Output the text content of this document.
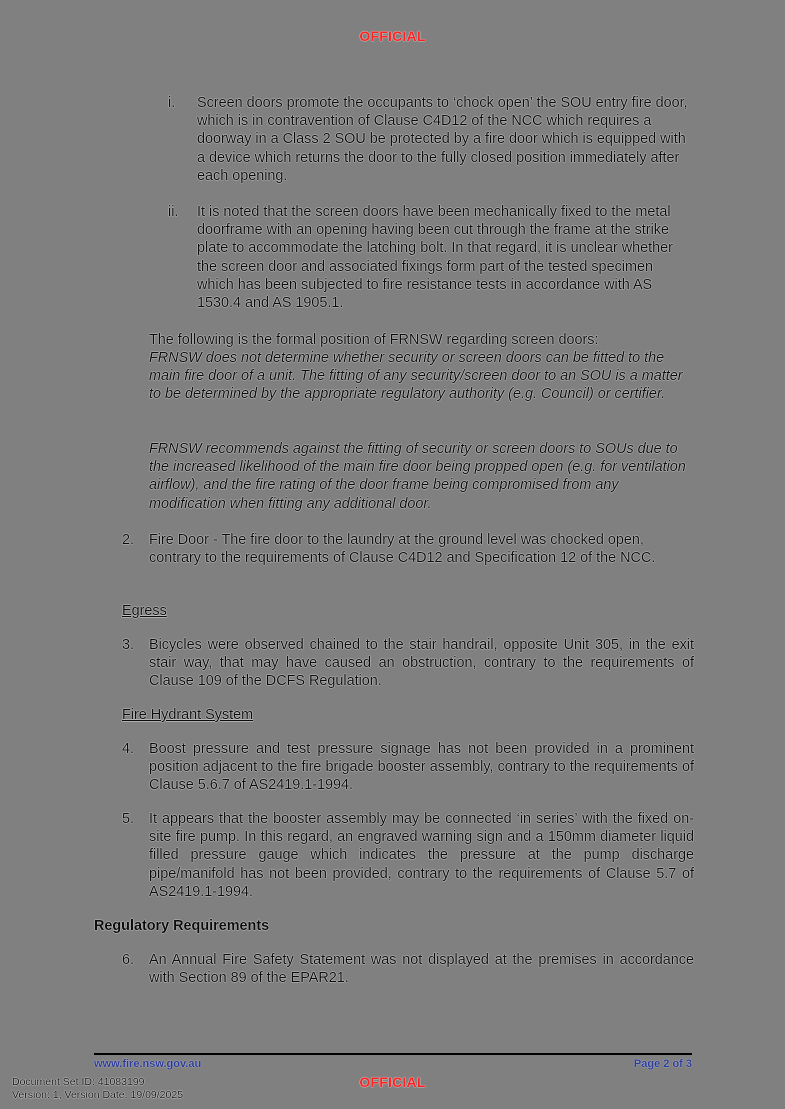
OFFICIAL
i.	Screen doors promote the occupants to ‘chock open’ the SOU entry fire door, which is in contravention of Clause C4D12 of the NCC which requires a doorway in a Class 2 SOU be protected by a fire door which is equipped with a device which returns the door to the fully closed position immediately after each opening.
ii.	It is noted that the screen doors have been mechanically fixed to the metal doorframe with an opening having been cut through the frame at the strike plate to accommodate the latching bolt. In that regard, it is unclear whether the screen door and associated fixings form part of the tested specimen which has been subjected to fire resistance tests in accordance with AS 1530.4 and AS 1905.1.
The following is the formal position of FRNSW regarding screen doors:
FRNSW does not determine whether security or screen doors can be fitted to the main fire door of a unit. The fitting of any security/screen door to an SOU is a matter to be determined by the appropriate regulatory authority (e.g. Council) or certifier.
FRNSW recommends against the fitting of security or screen doors to SOUs due to the increased likelihood of the main fire door being propped open (e.g. for ventilation airflow), and the fire rating of the door frame being compromised from any modification when fitting any additional door.
2.	Fire Door - The fire door to the laundry at the ground level was chocked open, contrary to the requirements of Clause C4D12 and Specification 12 of the NCC.
Egress
3.	Bicycles were observed chained to the stair handrail, opposite Unit 305, in the exit stair way, that may have caused an obstruction, contrary to the requirements of Clause 109 of the DCFS Regulation.
Fire Hydrant System
4.	Boost pressure and test pressure signage has not been provided in a prominent position adjacent to the fire brigade booster assembly, contrary to the requirements of Clause 5.6.7 of AS2419.1-1994.
5.	It appears that the booster assembly may be connected ‘in series’ with the fixed on-site fire pump. In this regard, an engraved warning sign and a 150mm diameter liquid filled pressure gauge which indicates the pressure at the pump discharge pipe/manifold has not been provided, contrary to the requirements of Clause 5.7 of AS2419.1-1994.
Regulatory Requirements
6.	An Annual Fire Safety Statement was not displayed at the premises in accordance with Section 89 of the EPAR21.
www.fire.nsw.gov.au	Page 2 of 3
Document Set ID: 41083199
Version: 1, Version Date: 19/09/2025
OFFICIAL
